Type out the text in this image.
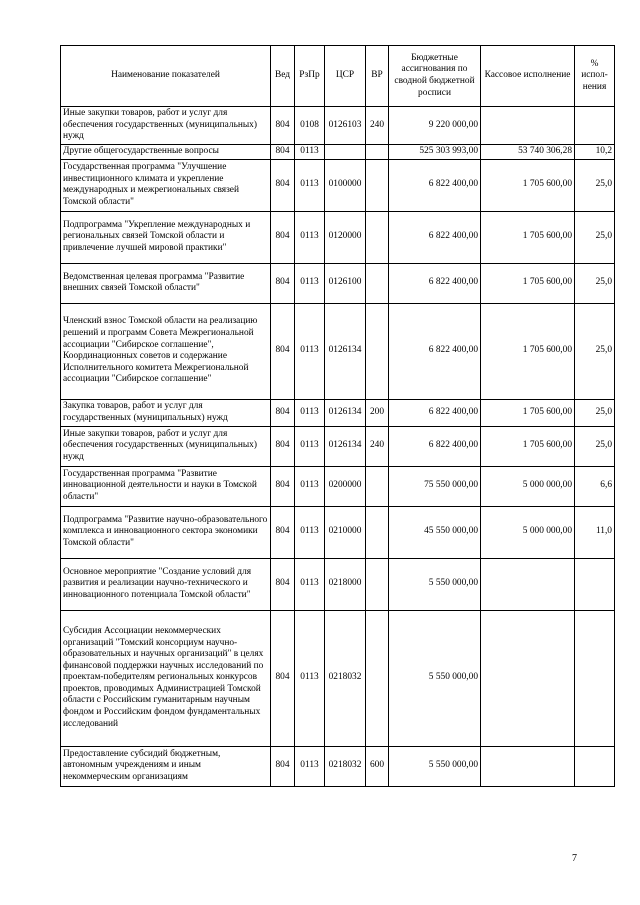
Наименование показателей	Вед	РзПр	ЦСР	ВР	Бюджетные ассигнования по сводной бюджетной росписи	Кассовое исполнение	% испол-нения
Иные закупки товаров, работ и услуг для обеспечения государственных (муниципальных) нужд	804	0108	0126103	240	9 220 000,00		
Другие общегосударственные вопросы	804	0113			525 303 993,00	53 740 306,28	10,2
Государственная программа "Улучшение инвестиционного климата и укрепление международных и межрегиональных связей Томской области"	804	0113	0100000		6 822 400,00	1 705 600,00	25,0
Подпрограмма "Укрепление международных и региональных связей Томской области и привлечение лучшей мировой практики"	804	0113	0120000		6 822 400,00	1 705 600,00	25,0
Ведомственная целевая программа "Развитие внешних связей Томской области"	804	0113	0126100		6 822 400,00	1 705 600,00	25,0
Членский взнос Томской области на реализацию решений и программ Совета Межрегиональной ассоциации "Сибирское соглашение", Координационных советов и содержание Исполнительного комитета Межрегиональной ассоциации "Сибирское соглашение"	804	0113	0126134		6 822 400,00	1 705 600,00	25,0
Закупка товаров, работ и услуг для государственных (муниципальных) нужд	804	0113	0126134	200	6 822 400,00	1 705 600,00	25,0
Иные закупки товаров, работ и услуг для обеспечения государственных (муниципальных) нужд	804	0113	0126134	240	6 822 400,00	1 705 600,00	25,0
Государственная программа "Развитие инновационной деятельности и науки в Томской области"	804	0113	0200000		75 550 000,00	5 000 000,00	6,6
Подпрограмма "Развитие научно-образовательного комплекса и инновационного сектора экономики Томской области"	804	0113	0210000		45 550 000,00	5 000 000,00	11,0
Основное мероприятие "Создание условий для развития и реализации научно-технического и инновационного потенциала Томской области"	804	0113	0218000		5 550 000,00		
Субсидия Ассоциации некоммерческих организаций "Томский консорциум научно-образовательных и научных организаций" в целях финансовой поддержки научных исследований по проектам-победителям региональных конкурсов проектов, проводимых Администрацией Томской области с Российским гуманитарным научным фондом и Российским фондом фундаментальных исследований	804	0113	0218032		5 550 000,00		
Предоставление субсидий бюджетным, автономным учреждениям и иным некоммерческим организациям	804	0113	0218032	600	5 550 000,00		
7
